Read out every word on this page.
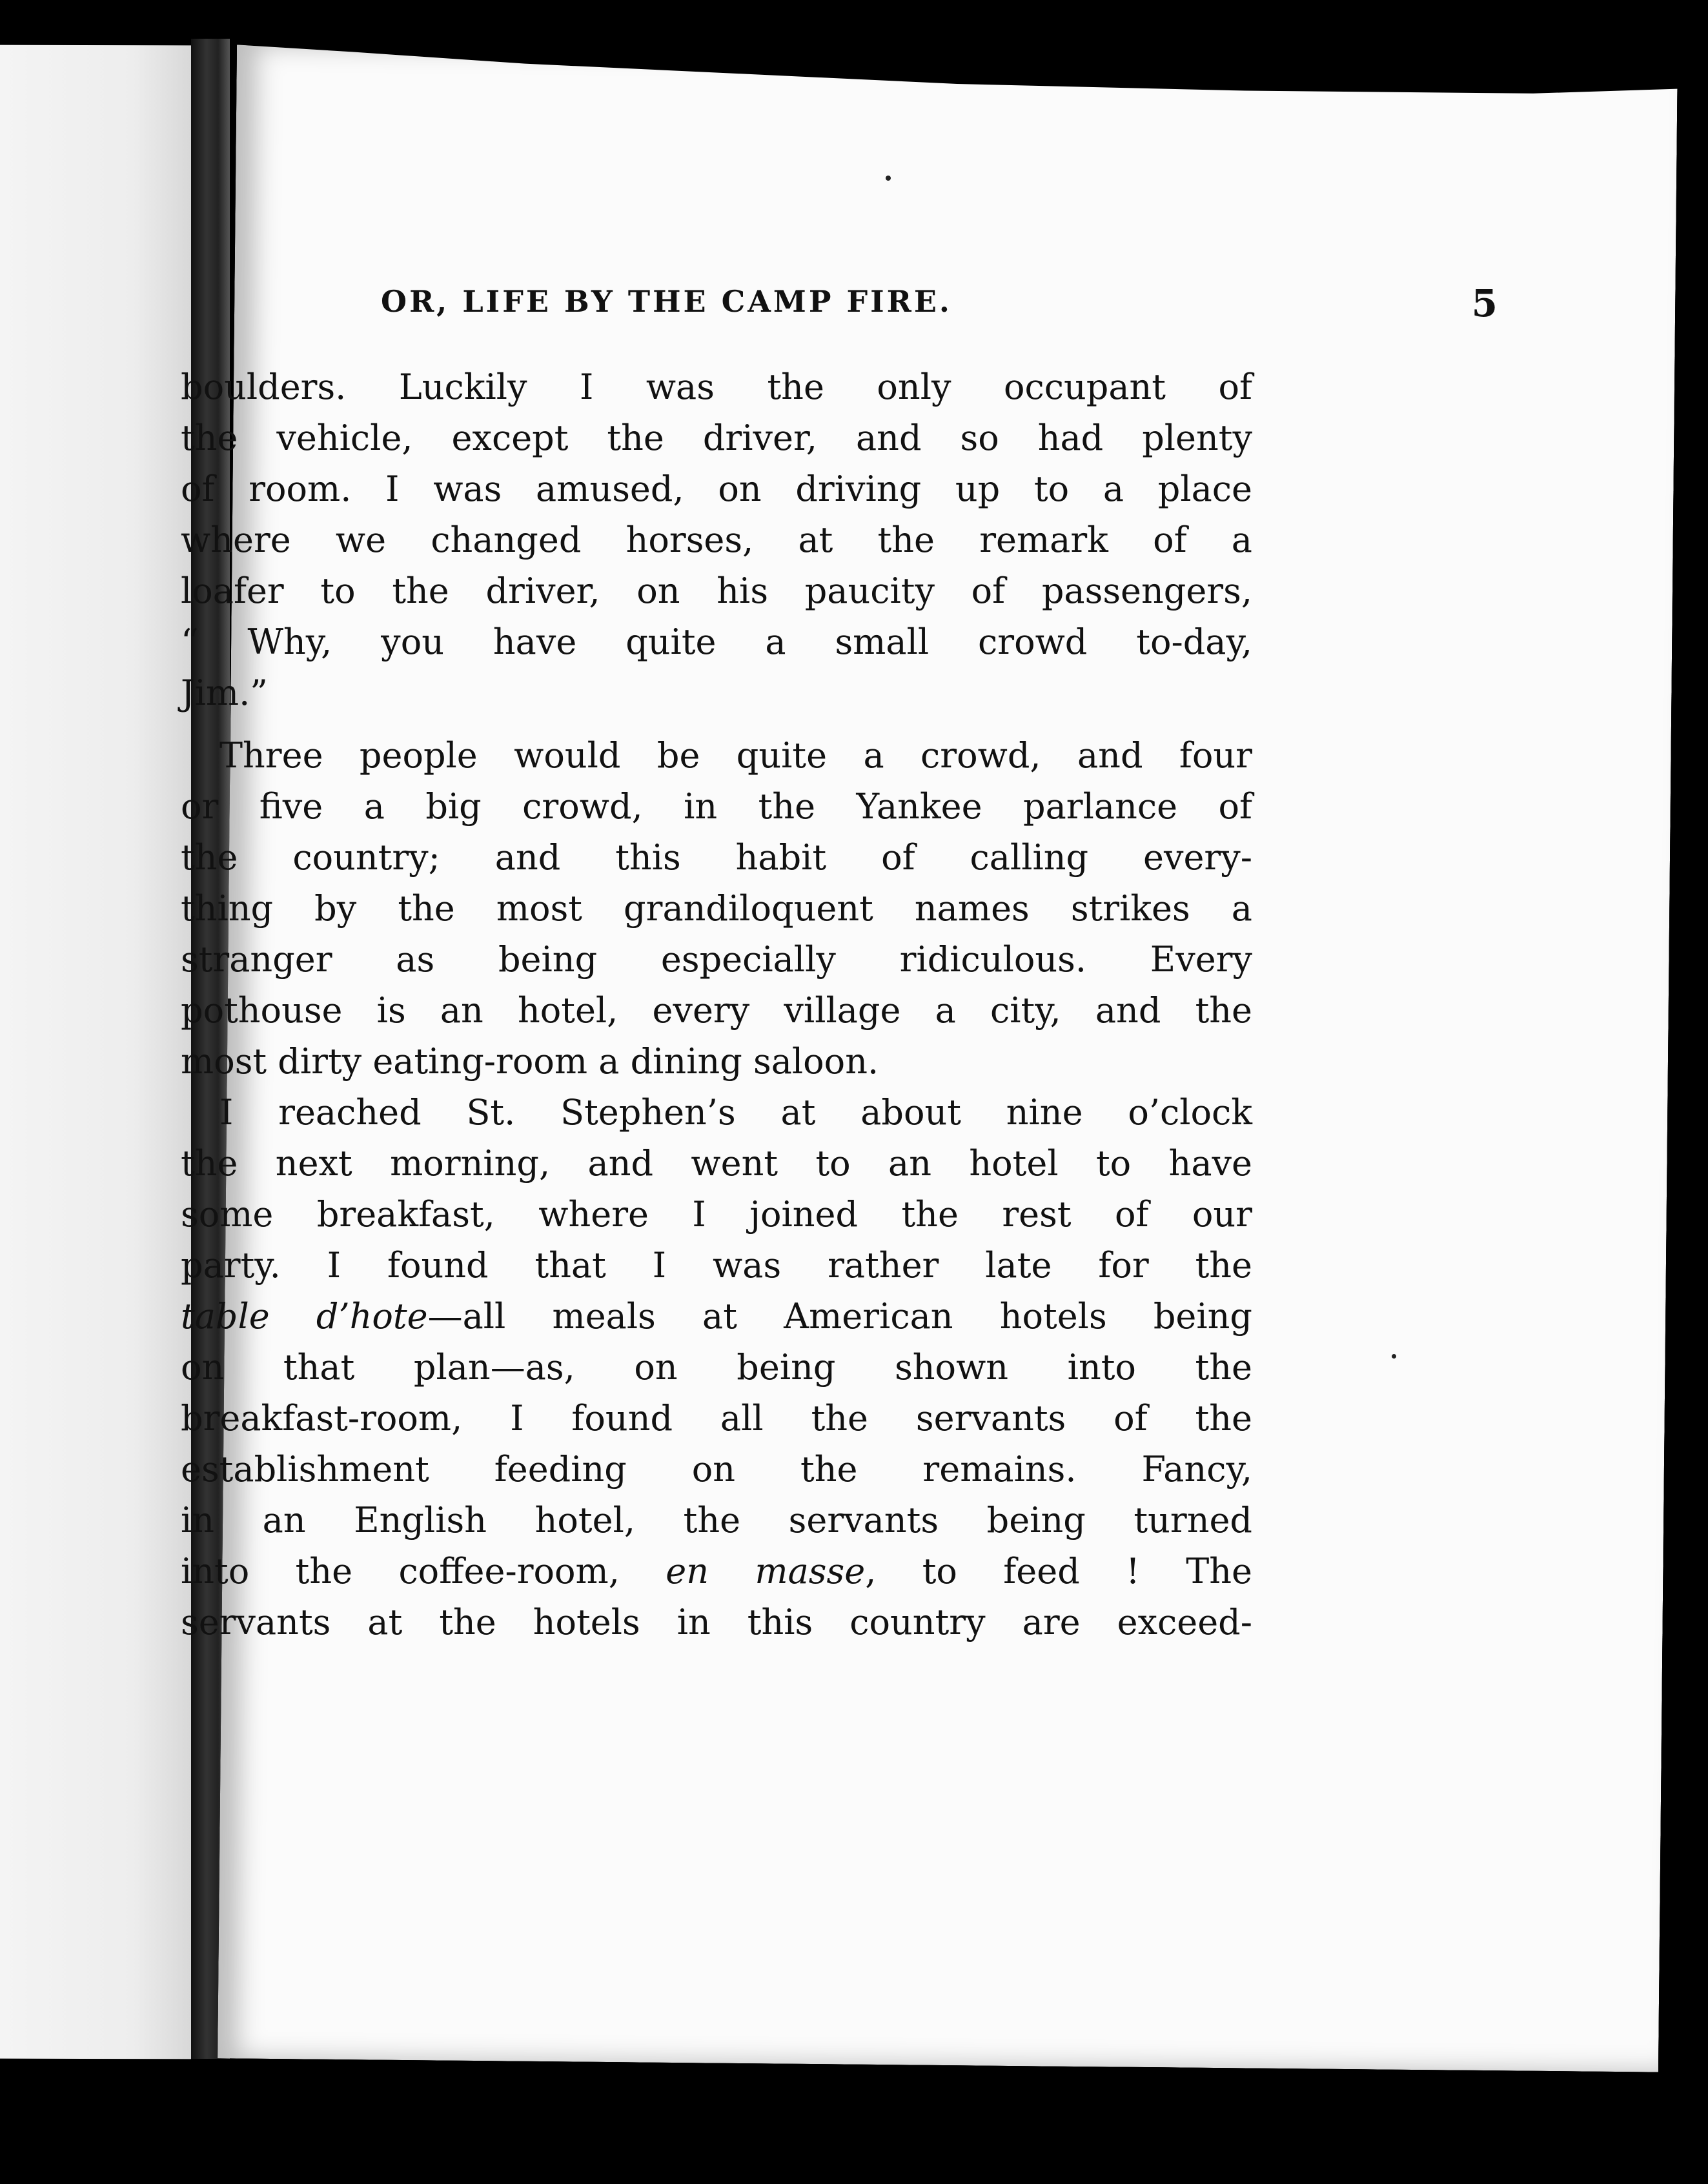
OR, LIFE BY THE CAMP FIRE.	5
boulders. Luckily I was the only occupant of
the vehicle, except the driver, and so had plenty
of room. I was amused, on driving up to a place
where we changed horses, at the remark of a
loafer to the driver, on his paucity of passengers,
“ Why, you have quite a small crowd to-day,
Jim.”
Three people would be quite a crowd, and four
or five a big crowd, in the Yankee parlance of
the country; and this habit of calling every-
thing by the most grandiloquent names strikes a
stranger as being especially ridiculous. Every
pothouse is an hotel, every village a city, and the
most dirty eating-room a dining saloon.
I reached St. Stephen’s at about nine o’clock
the next morning, and went to an hotel to have
some breakfast, where I joined the rest of our
party. I found that I was rather late for the
table d’hote—all meals at American hotels being
on that plan—as, on being shown into the
breakfast-room, I found all the servants of the
establishment feeding on the remains. Fancy,
in an English hotel, the servants being turned
into the coffee-room, en masse, to feed ! The
servants at the hotels in this country are exceed-
